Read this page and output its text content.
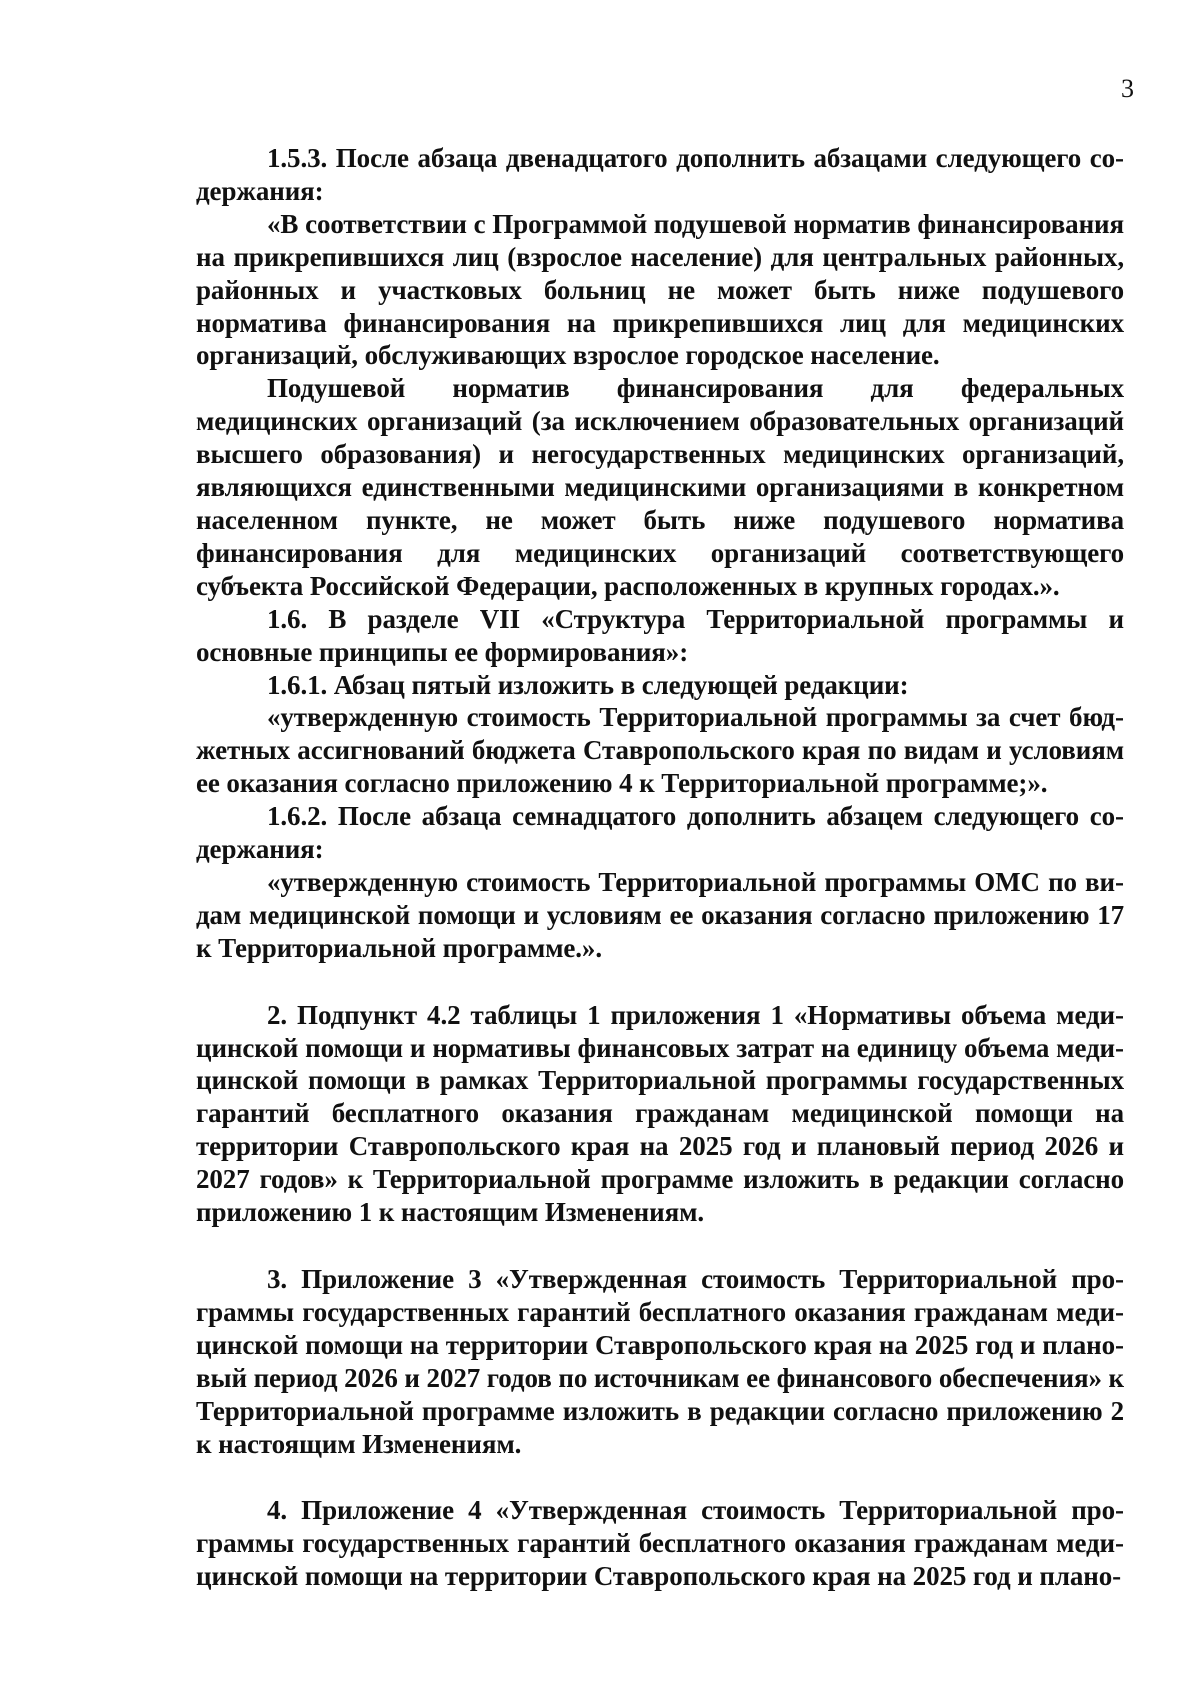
3

1.5.3. После абзаца двенадцатого дополнить абзацами следующего содержания:

«В соответствии с Программой подушевой норматив финансирования на прикрепившихся лиц (взрослое население) для центральных районных, районных и участковых больниц не может быть ниже подушевого норматива финансирования на прикрепившихся лиц для медицинских организаций, обслуживающих взрослое городское население.

Подушевой норматив финансирования для федеральных медицинских организаций (за исключением образовательных организаций высшего образования) и негосударственных медицинских организаций, являющихся единственными медицинскими организациями в конкретном населенном пункте, не может быть ниже подушевого норматива финансирования для медицинских организаций соответствующего субъекта Российской Федерации, расположенных в крупных городах.».

1.6. В разделе VII «Структура Территориальной программы и основные принципы ее формирования»:

1.6.1. Абзац пятый изложить в следующей редакции:

«утвержденную стоимость Территориальной программы за счет бюджетных ассигнований бюджета Ставропольского края по видам и условиям ее оказания согласно приложению 4 к Территориальной программе;».

1.6.2. После абзаца семнадцатого дополнить абзацем следующего содержания:

«утвержденную стоимость Территориальной программы ОМС по видам медицинской помощи и условиям ее оказания согласно приложению 17 к Территориальной программе.».

2. Подпункт 4.2 таблицы 1 приложения 1 «Нормативы объема медицинской помощи и нормативы финансовых затрат на единицу объема медицинской помощи в рамках Территориальной программы государственных гарантий бесплатного оказания гражданам медицинской помощи на территории Ставропольского края на 2025 год и плановый период 2026 и 2027 годов» к Территориальной программе изложить в редакции согласно приложению 1 к настоящим Изменениям.

3. Приложение 3 «Утвержденная стоимость Территориальной программы государственных гарантий бесплатного оказания гражданам медицинской помощи на территории Ставропольского края на 2025 год и плановый период 2026 и 2027 годов по источникам ее финансового обеспечения» к Территориальной программе изложить в редакции согласно приложению 2 к настоящим Изменениям.

4. Приложение 4 «Утвержденная стоимость Территориальной программы государственных гарантий бесплатного оказания гражданам медицинской помощи на территории Ставропольского края на 2025 год и плано-
